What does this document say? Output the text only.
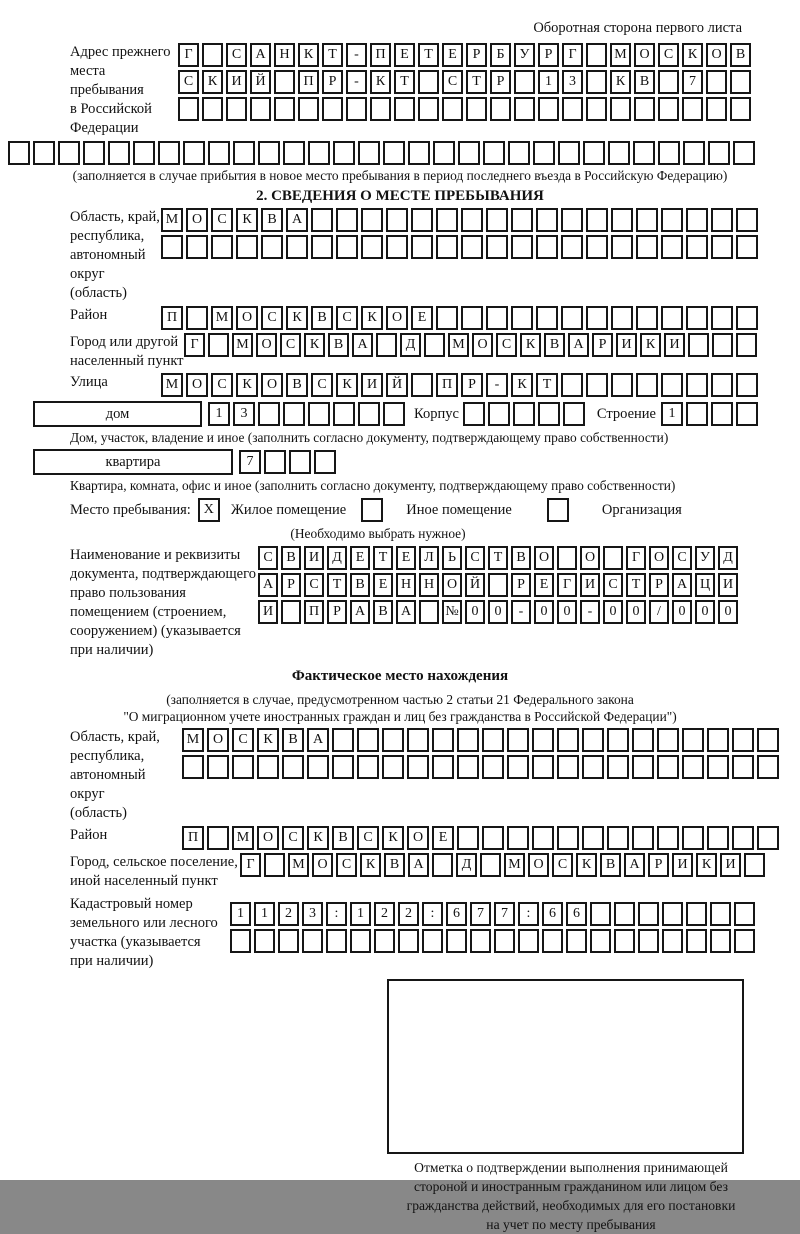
Оборотная сторона первого листа
Адрес прежнего
места пребывания
в Российской
Федерации
Г	С	А Н	К	Т	-	П	Е	Т	Е	Р	Б	У	Р	Г	М О	С	К	О	В
С	К	И Й	П	Р	-	К	Т	С	Т	Р	1	3	К	В	7
(заполняется в случае прибытия в новое место пребывания в период последнего въезда в Российскую Федерацию)
2. СВЕДЕНИЯ О МЕСТЕ ПРЕБЫВАНИЯ
Область, край,
республика,
автономный
округ (область)
М О	С	К	В	А
Район	П	М О	С	К	В	С	К	О	Е
Город или другой
населенный пункт
Г	М О	С	К	В	А	Д	М О	С	К	В	А	Р	И	К	И
Улица	М О	С	К	О	В	С	К	И	Й	П	Р	-	К	Т
дом	1	3	Корпус	Строение 1
Дом, участок, владение и иное (заполнить согласно документу, подтверждающему право собственности)
квартира	7
Квартира, комната, офис и иное (заполнить согласно документу, подтверждающему право собственности)
Место пребывания: X	Жилое помещение	Иное помещение	Организация
(Необходимо выбрать нужное)
Наименование и реквизиты
документа, подтверждающего
право пользования
помещением (строением,
сооружением) (указывается
при наличии)
С В И Д Е	Т	Е Л	Ь	С	Т	В О	О	Г О С У Д
А	Р	С	Т	В	Е Н Н О Й	Р	Е	Г И С	Т	Р	А Ц И
И	П	Р	А В А	№ 0	0	-	0	0	-	0	0	/	0	0	0
Фактическое место нахождения
(заполняется в случае, предусмотренном частью 2 статьи 21 Федерального закона
"О миграционном учете иностранных граждан и лиц без гражданства в Российской Федерации")
Область, край,
республика,
автономный округ
(область)
М О	С	К	В	А
Район	П	М О	С	К	В	С	К	О	Е
Город, сельское поселение,
иной населенный пункт
Г	М О	С	К	В	А	Д	М О	С	К	В	А	Р	И	К	И
Кадастровый номер
земельного или лесного
участка (указывается
при наличии)
1	1	2	3	:	1	2	2	:	6	7	7	:	6	6
Отметка о подтверждении выполнения принимающей
стороной и иностранным гражданином или лицом без
гражданства действий, необходимых для его постановки
на учет по месту пребывания
